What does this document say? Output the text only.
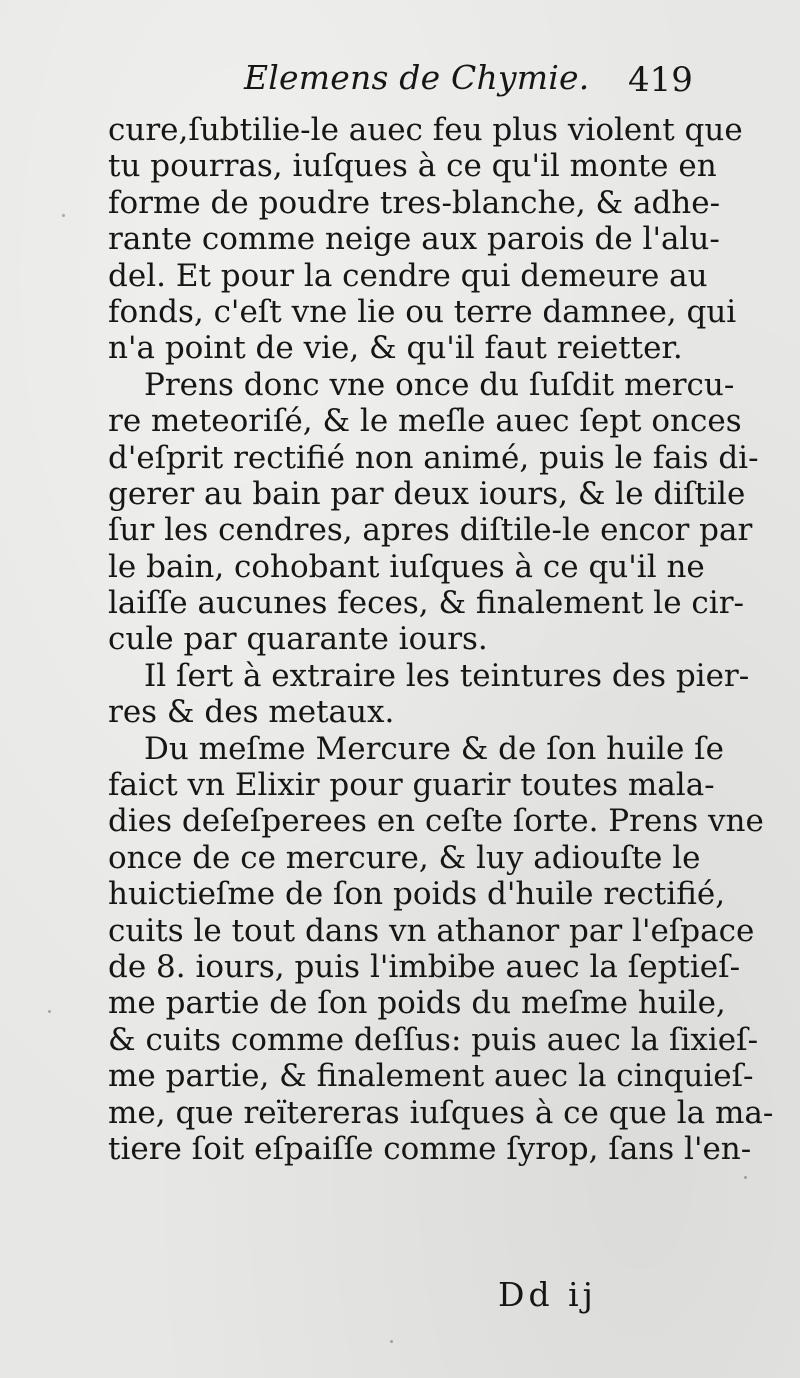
Elemens de Chymie. 419
cure,ſubtilie-le auec feu plus violent que
tu pourras, iuſques à ce qu'il monte en
forme de poudre tres-blanche, & adhe-
rante comme neige aux parois de l'alu-
del. Et pour la cendre qui demeure au
fonds, c'eſt vne lie ou terre damnee, qui
n'a point de vie, & qu'il faut reietter.
Prens donc vne once du ſuſdit mercu-
re meteoriſé, & le meſle auec ſept onces
d'eſprit rectifié non animé, puis le fais di-
gerer au bain par deux iours, & le diſtile
ſur les cendres, apres diſtile-le encor par
le bain, cohobant iuſques à ce qu'il ne
laiſſe aucunes feces, & finalement le cir-
cule par quarante iours.
Il ſert à extraire les teintures des pier-
res & des metaux.
Du meſme Mercure & de ſon huile ſe
faict vn Elixir pour guarir toutes mala-
dies deſeſperees en ceſte ſorte. Prens vne
once de ce mercure, & luy adiouſte le
huictieſme de ſon poids d'huile rectifié,
cuits le tout dans vn athanor par l'eſpace
de 8. iours, puis l'imbibe auec la ſeptieſ-
me partie de ſon poids du meſme huile,
& cuits comme deſſus: puis auec la ſixieſ-
me partie, & finalement auec la cinquieſ-
me, que reïtereras iuſques à ce que la ma-
tiere ſoit eſpaiſſe comme ſyrop, ſans l'en-
Dd ij
